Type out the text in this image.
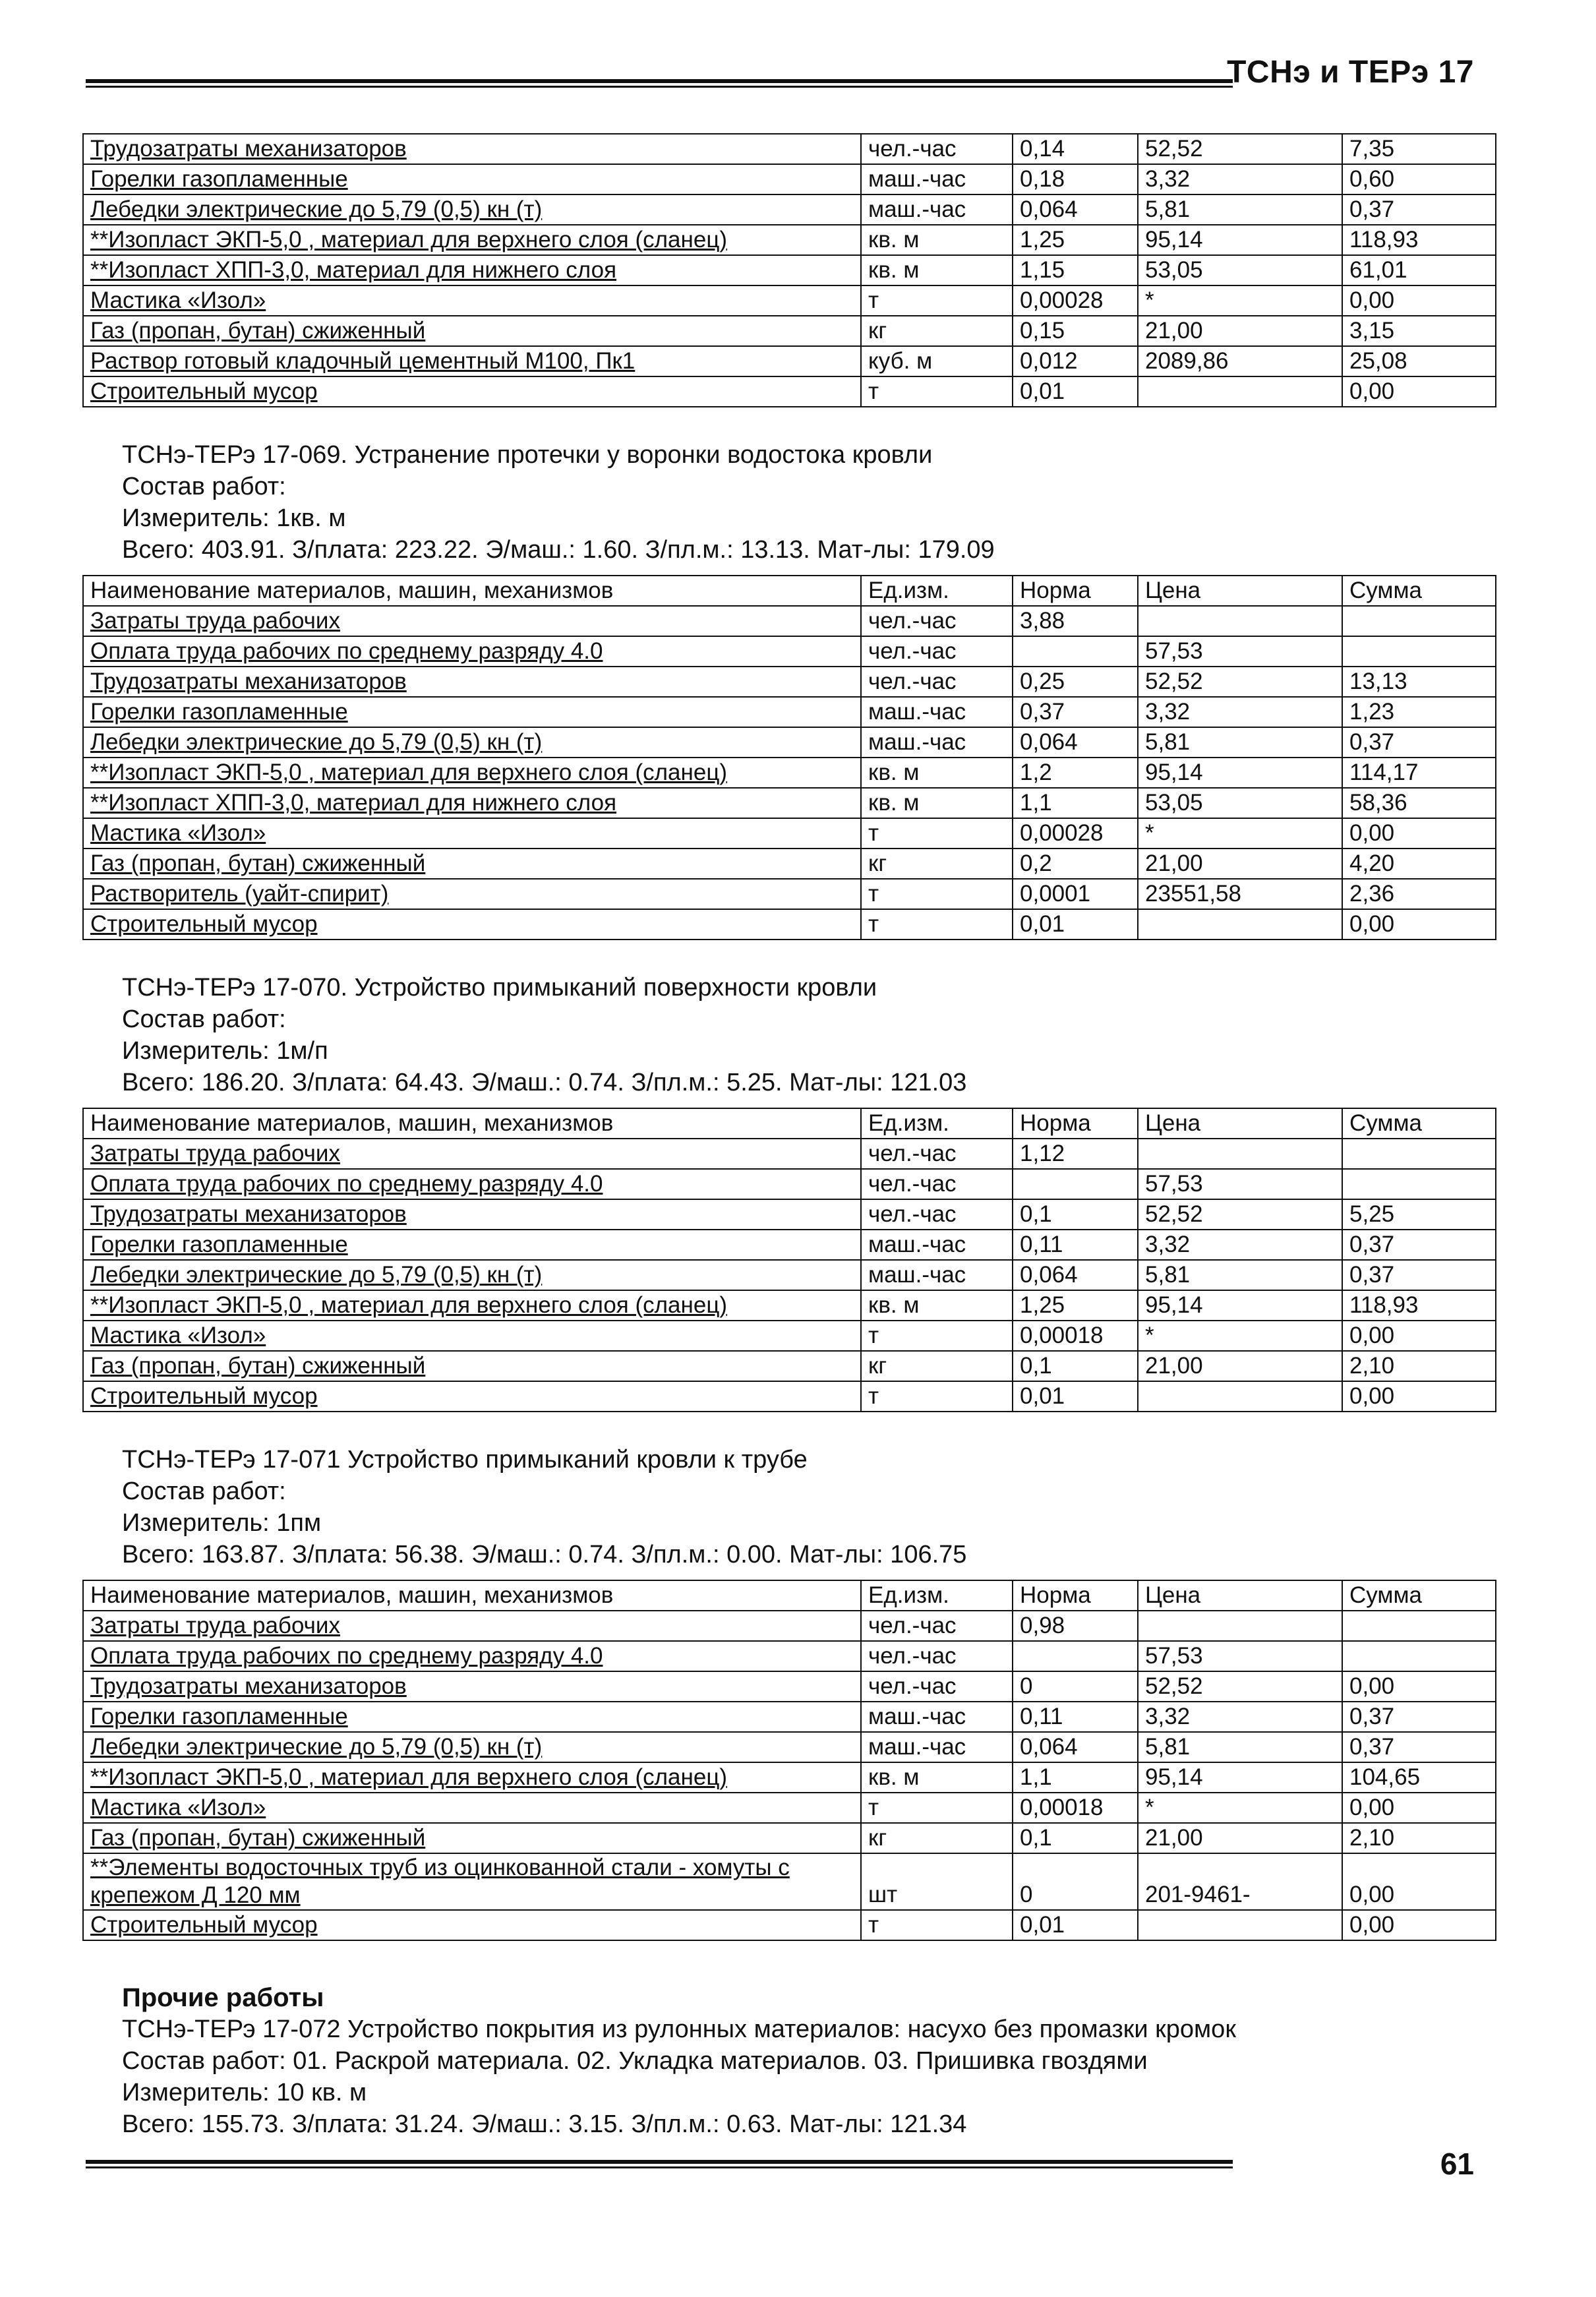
ТСНэ и ТЕРэ 17
Трудозатраты механизаторов	чел.-час	0,14	52,52	7,35
Горелки газопламенные	маш.-час	0,18	3,32	0,60
Лебедки электрические до 5,79 (0,5) кн (т)	маш.-час	0,064	5,81	0,37
**Изопласт ЭКП-5,0 , материал для верхнего слоя (сланец)	кв. м	1,25	95,14	118,93
**Изопласт ХПП-3,0, материал для нижнего слоя	кв. м	1,15	53,05	61,01
Мастика «Изол»	т	0,00028	*	0,00
Газ (пропан, бутан) сжиженный	кг	0,15	21,00	3,15
Раствор готовый кладочный цементный М100, Пк1	куб. м	0,012	2089,86	25,08
Строительный мусор	т	0,01		0,00
ТСНэ-ТЕРэ 17-069. Устранение протечки у воронки водостока кровли
Состав работ:
Измеритель: 1кв. м
Всего: 403.91. З/плата: 223.22. Э/маш.: 1.60. З/пл.м.: 13.13. Мат-лы: 179.09
Наименование материалов, машин, механизмов	Ед.изм.	Норма	Цена	Сумма
Затраты труда рабочих	чел.-час	3,88		
Оплата труда рабочих по среднему разряду 4.0	чел.-час		57,53	
Трудозатраты механизаторов	чел.-час	0,25	52,52	13,13
Горелки газопламенные	маш.-час	0,37	3,32	1,23
Лебедки электрические до 5,79 (0,5) кн (т)	маш.-час	0,064	5,81	0,37
**Изопласт ЭКП-5,0 , материал для верхнего слоя (сланец)	кв. м	1,2	95,14	114,17
**Изопласт ХПП-3,0, материал для нижнего слоя	кв. м	1,1	53,05	58,36
Мастика «Изол»	т	0,00028	*	0,00
Газ (пропан, бутан) сжиженный	кг	0,2	21,00	4,20
Растворитель (уайт-спирит)	т	0,0001	23551,58	2,36
Строительный мусор	т	0,01		0,00
ТСНэ-ТЕРэ 17-070. Устройство примыканий поверхности кровли
Состав работ:
Измеритель: 1м/п
Всего: 186.20. З/плата: 64.43. Э/маш.: 0.74. З/пл.м.: 5.25. Мат-лы: 121.03
Наименование материалов, машин, механизмов	Ед.изм.	Норма	Цена	Сумма
Затраты труда рабочих	чел.-час	1,12		
Оплата труда рабочих по среднему разряду 4.0	чел.-час		57,53	
Трудозатраты механизаторов	чел.-час	0,1	52,52	5,25
Горелки газопламенные	маш.-час	0,11	3,32	0,37
Лебедки электрические до 5,79 (0,5) кн (т)	маш.-час	0,064	5,81	0,37
**Изопласт ЭКП-5,0 , материал для верхнего слоя (сланец)	кв. м	1,25	95,14	118,93
Мастика «Изол»	т	0,00018	*	0,00
Газ (пропан, бутан) сжиженный	кг	0,1	21,00	2,10
Строительный мусор	т	0,01		0,00
ТСНэ-ТЕРэ 17-071 Устройство примыканий кровли к трубе
Состав работ:
Измеритель: 1пм
Всего: 163.87. З/плата: 56.38. Э/маш.: 0.74. З/пл.м.: 0.00. Мат-лы: 106.75
Наименование материалов, машин, механизмов	Ед.изм.	Норма	Цена	Сумма
Затраты труда рабочих	чел.-час	0,98		
Оплата труда рабочих по среднему разряду 4.0	чел.-час		57,53	
Трудозатраты механизаторов	чел.-час	0	52,52	0,00
Горелки газопламенные	маш.-час	0,11	3,32	0,37
Лебедки электрические до 5,79 (0,5) кн (т)	маш.-час	0,064	5,81	0,37
**Изопласт ЭКП-5,0 , материал для верхнего слоя (сланец)	кв. м	1,1	95,14	104,65
Мастика «Изол»	т	0,00018	*	0,00
Газ (пропан, бутан) сжиженный	кг	0,1	21,00	2,10
**Элементы водосточных труб из оцинкованной стали - хомуты с крепежом Д 120 мм	шт	0	201-9461-	0,00
Строительный мусор	т	0,01		0,00
Прочие работы
ТСНэ-ТЕРэ 17-072 Устройство покрытия из рулонных материалов: насухо без промазки кромок
Состав работ: 01. Раскрой материала. 02. Укладка материалов. 03. Пришивка гвоздями
Измеритель: 10 кв. м
Всего: 155.73. З/плата: 31.24. Э/маш.: 3.15. З/пл.м.: 0.63. Мат-лы: 121.34
61
